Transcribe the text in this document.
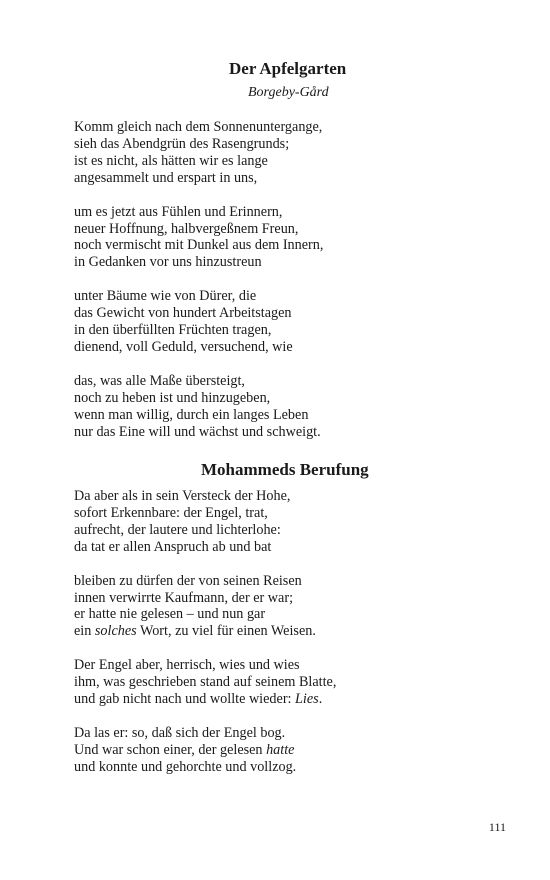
Der Apfelgarten
Borgeby-Gård
Komm gleich nach dem Sonnenuntergange,
sieh das Abendgrün des Rasengrunds;
ist es nicht, als hätten wir es lange
angesammelt und erspart in uns,
um es jetzt aus Fühlen und Erinnern,
neuer Hoffnung, halbvergeßnem Freun,
noch vermischt mit Dunkel aus dem Innern,
in Gedanken vor uns hinzustreun
unter Bäume wie von Dürer, die
das Gewicht von hundert Arbeitstagen
in den überfüllten Früchten tragen,
dienend, voll Geduld, versuchend, wie
das, was alle Maße übersteigt,
noch zu heben ist und hinzugeben,
wenn man willig, durch ein langes Leben
nur das Eine will und wächst und schweigt.
Mohammeds Berufung
Da aber als in sein Versteck der Hohe,
sofort Erkennbare: der Engel, trat,
aufrecht, der lautere und lichterlohe:
da tat er allen Anspruch ab und bat
bleiben zu dürfen der von seinen Reisen
innen verwirrte Kaufmann, der er war;
er hatte nie gelesen – und nun gar
ein solches Wort, zu viel für einen Weisen.
Der Engel aber, herrisch, wies und wies
ihm, was geschrieben stand auf seinem Blatte,
und gab nicht nach und wollte wieder: Lies.
Da las er: so, daß sich der Engel bog.
Und war schon einer, der gelesen hatte
und konnte und gehorchte und vollzog.
111
